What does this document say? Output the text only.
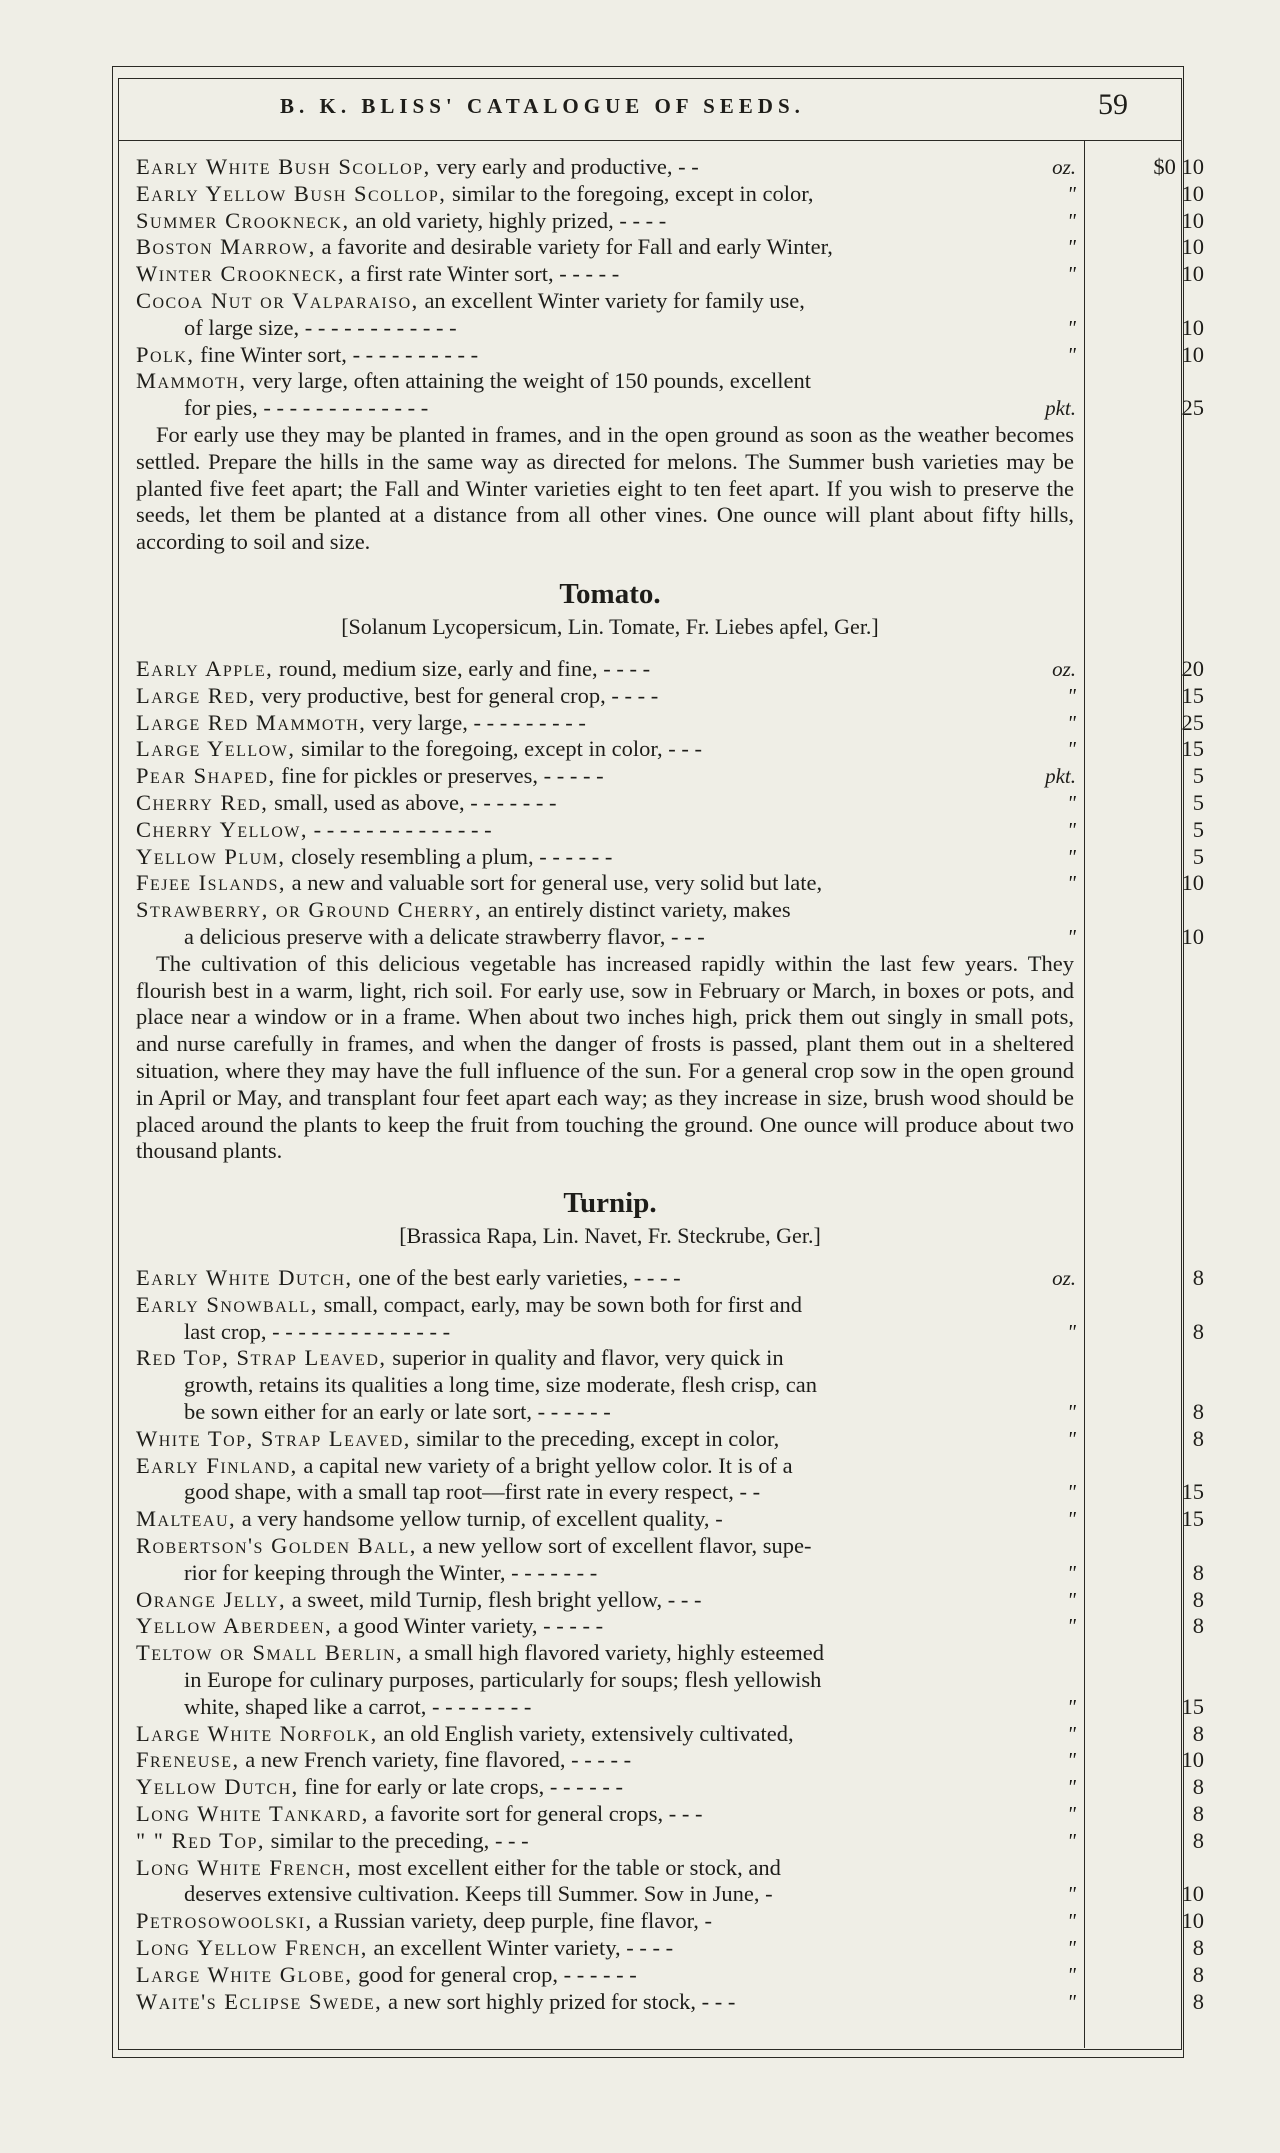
B. K. BLISS' CATALOGUE OF SEEDS.	59
Early White Bush Scollop, very early and productive, - -	oz.	$0 10
Early Yellow Bush Scollop, similar to the foregoing, except in color,	"	10
Summer Crookneck, an old variety, highly prized, - - - -	"	10
Boston Marrow, a favorite and desirable variety for Fall and early Winter,	"	10
Winter Crookneck, a first rate Winter sort, - - - - -	"	10
Cocoa Nut or Valparaiso, an excellent Winter variety for family use,
of large size, - - - - - - - - - - - -	"	10
Polk, fine Winter sort, - - - - - - - - - -	"	10
Mammoth, very large, often attaining the weight of 150 pounds, excellent
for pies, - - - - - - - - - - - - -	pkt.	25

For early use they may be planted in frames, and in the open ground as soon as the weather becomes settled. Prepare the hills in the same way as directed for melons. The Summer bush varieties may be planted five feet apart; the Fall and Winter varieties eight to ten feet apart. If you wish to preserve the seeds, let them be planted at a distance from all other vines. One ounce will plant about fifty hills, according to soil and size.

Tomato.
[Solanum Lycopersicum, Lin. Tomate, Fr. Liebes apfel, Ger.]
Early Apple, round, medium size, early and fine, - - - -	oz.	20
Large Red, very productive, best for general crop, - - - -	"	15
Large Red Mammoth, very large, - - - - - - - - -	"	25
Large Yellow, similar to the foregoing, except in color, - - -	"	15
Pear Shaped, fine for pickles or preserves, - - - - -	pkt.	5
Cherry Red, small, used as above, - - - - - - -	"	5
Cherry Yellow, - - - - - - - - - - - - - -	"	5
Yellow Plum, closely resembling a plum, - - - - - -	"	5
Fejee Islands, a new and valuable sort for general use, very solid but late,	"	10
Strawberry, or Ground Cherry, an entirely distinct variety, makes
a delicious preserve with a delicate strawberry flavor, - - -	"	10

The cultivation of this delicious vegetable has increased rapidly within the last few years. They flourish best in a warm, light, rich soil. For early use, sow in February or March, in boxes or pots, and place near a window or in a frame. When about two inches high, prick them out singly in small pots, and nurse carefully in frames, and when the danger of frosts is passed, plant them out in a sheltered situation, where they may have the full influence of the sun. For a general crop sow in the open ground in April or May, and transplant four feet apart each way; as they increase in size, brush wood should be placed around the plants to keep the fruit from touching the ground. One ounce will produce about two thousand plants.

Turnip.
[Brassica Rapa, Lin. Navet, Fr. Steckrube, Ger.]
Early White Dutch, one of the best early varieties, - - - -	oz.	8
Early Snowball, small, compact, early, may be sown both for first and
last crop, - - - - - - - - - - - - - -	"	8
Red Top, Strap Leaved, superior in quality and flavor, very quick in
growth, retains its qualities a long time, size moderate, flesh crisp, can
be sown either for an early or late sort, - - - - - -	"	8
White Top, Strap Leaved, similar to the preceding, except in color,	"	8
Early Finland, a capital new variety of a bright yellow color. It is of a
good shape, with a small tap root—first rate in every respect, - -	"	15
Malteau, a very handsome yellow turnip, of excellent quality, -	"	15
Robertson's Golden Ball, a new yellow sort of excellent flavor, supe-
rior for keeping through the Winter, - - - - - - -	"	8
Orange Jelly, a sweet, mild Turnip, flesh bright yellow, - - -	"	8
Yellow Aberdeen, a good Winter variety, - - - - -	"	8
Teltow or Small Berlin, a small high flavored variety, highly esteemed
in Europe for culinary purposes, particularly for soups; flesh yellowish
white, shaped like a carrot, - - - - - - - -	"	15
Large White Norfolk, an old English variety, extensively cultivated,	"	8
Freneuse, a new French variety, fine flavored, - - - - -	"	10
Yellow Dutch, fine for early or late crops, - - - - - -	"	8
Long White Tankard, a favorite sort for general crops, - - -	"	8
" " Red Top, similar to the preceding, - - -	"	8
Long White French, most excellent either for the table or stock, and
deserves extensive cultivation. Keeps till Summer. Sow in June, -	"	10
Petrosowoolski, a Russian variety, deep purple, fine flavor, -	"	10
Long Yellow French, an excellent Winter variety, - - - -	"	8
Large White Globe, good for general crop, - - - - - -	"	8
Waite's Eclipse Swede, a new sort highly prized for stock, - - -	"	8
